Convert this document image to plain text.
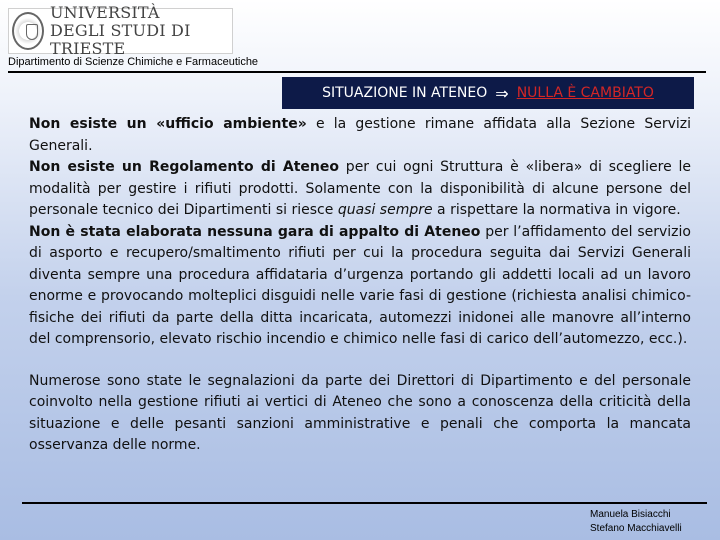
UNIVERSITÀ
DEGLI STUDI DI TRIESTE
Dipartimento di Scienze Chimiche e Farmaceutiche
SITUAZIONE IN ATENEO ⇒ NULLA È CAMBIATO

Non esiste un «ufficio ambiente» e la gestione rimane affidata alla Sezione Servizi Generali.

Non esiste un Regolamento di Ateneo per cui ogni Struttura è «libera» di scegliere le modalità per gestire i rifiuti prodotti. Solamente con la disponibilità di alcune persone del personale tecnico dei Dipartimenti si riesce quasi sempre a rispettare la normativa in vigore.

Non è stata elaborata nessuna gara di appalto di Ateneo per l’affidamento del servizio di asporto e recupero/smaltimento rifiuti per cui la procedura seguita dai Servizi Generali diventa sempre una procedura affidataria d’urgenza portando gli addetti locali ad un lavoro enorme e provocando molteplici disguidi nelle varie fasi di gestione (richiesta analisi chimico-fisiche dei rifiuti da parte della ditta incaricata, automezzi inidonei alle manovre all’interno del comprensorio, elevato rischio incendio e chimico nelle fasi di carico dell’automezzo, ecc.).

Numerose sono state le segnalazioni da parte dei Direttori di Dipartimento e del personale coinvolto nella gestione rifiuti ai vertici di Ateneo che sono a conoscenza della criticità della situazione e delle pesanti sanzioni amministrative e penali che comporta la mancata osservanza delle norme.

Manuela Bisiacchi
Stefano Macchiavelli
